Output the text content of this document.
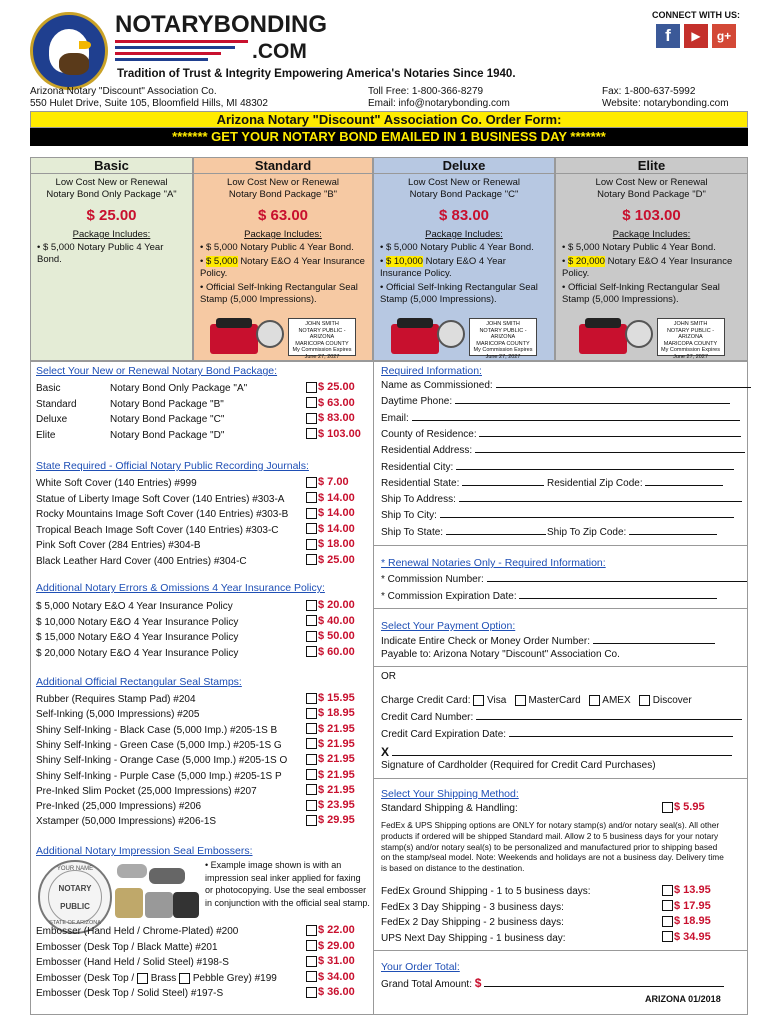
NOTARYBONDING
.COM
CONNECT WITH US:
f	▶	g+
Tradition of Trust & Integrity Empowering America's Notaries Since 1940.
Arizona Notary "Discount" Association Co.
550 Hulet Drive, Suite 105, Bloomfield Hills, MI 48302
Toll Free: 1-800-366-8279
Email: info@notarybonding.com
Fax: 1-800-637-5992
Website: notarybonding.com
Arizona Notary "Discount" Association Co. Order Form:
******* GET YOUR NOTARY BOND EMAILED IN 1 BUSINESS DAY *******
Basic
Low Cost New or Renewal
Notary Bond Only Package "A"
$ 25.00
Package Includes:
• $ 5,000 Notary Public 4 Year Bond.
Standard
Low Cost New or Renewal
Notary Bond Package "B"
$ 63.00
Package Includes:
• $ 5,000 Notary Public 4 Year Bond.
• $ 5,000 Notary E&O 4 Year Insurance Policy.
• Official Self-Inking Rectangular Seal Stamp (5,000 Impressions).
JOHN SMITH
NOTARY PUBLIC - ARIZONA
MARICOPA COUNTY
My Commission Expires
June 27, 2027
Deluxe
Low Cost New or Renewal
Notary Bond Package "C"
$ 83.00
Package Includes:
• $ 5,000 Notary Public 4 Year Bond.
• $ 10,000 Notary E&O 4 Year Insurance Policy.
• Official Self-Inking Rectangular Seal Stamp (5,000 Impressions).
JOHN SMITH
NOTARY PUBLIC - ARIZONA
MARICOPA COUNTY
My Commission Expires
June 27, 2027
Elite
Low Cost New or Renewal
Notary Bond Package "D"
$ 103.00
Package Includes:
• $ 5,000 Notary Public 4 Year Bond.
• $ 20,000 Notary E&O 4 Year Insurance Policy.
• Official Self-Inking Rectangular Seal Stamp (5,000 Impressions).
JOHN SMITH
NOTARY PUBLIC - ARIZONA
MARICOPA COUNTY
My Commission Expires
June 27, 2027
Select Your New or Renewal Notary Bond Package:
Basic	Notary Bond Only Package "A"	$ 25.00
Standard	Notary Bond Package "B"	$ 63.00
Deluxe	Notary Bond Package "C"	$ 83.00
Elite	Notary Bond Package "D"	$ 103.00
State Required - Official Notary Public Recording Journals:
Additional Notary Errors & Omissions 4 Year Insurance Policy:
Additional Official Rectangular Seal Stamps:
Additional Notary Impression Seal Embossers:
YOUR NAME
NOTARY
PUBLIC
STATE OF ARIZONA
• Example image shown is with an impression seal inker applied for faxing or photocopying. Use the seal embosser in conjunction with the official seal stamp.
White Soft Cover (140 Entries) #999	$ 7.00
Statue of Liberty Image Soft Cover (140 Entries) #303-A	$ 14.00
Rocky Mountains Image Soft Cover (140 Entries) #303-B	$ 14.00
Tropical Beach Image Soft Cover (140 Entries) #303-C	$ 14.00
Pink Soft Cover (284 Entries) #304-B	$ 18.00
Black Leather Hard Cover (400 Entries) #304-C	$ 25.00
$ 5,000 Notary E&O 4 Year Insurance Policy	$ 20.00
$ 10,000 Notary E&O 4 Year Insurance Policy	$ 40.00
$ 15,000 Notary E&O 4 Year Insurance Policy	$ 50.00
$ 20,000 Notary E&O 4 Year Insurance Policy	$ 60.00
Rubber (Requires Stamp Pad) #204	$ 15.95
Self-Inking (5,000 Impressions) #205	$ 18.95
Shiny Self-Inking - Black Case (5,000 Imp.) #205-1S B	$ 21.95
Shiny Self-Inking - Green Case (5,000 Imp.) #205-1S G	$ 21.95
Shiny Self-Inking - Orange Case (5,000 Imp.) #205-1S O	$ 21.95
Shiny Self-Inking - Purple Case (5,000 Imp.) #205-1S P	$ 21.95
Pre-Inked Slim Pocket (25,000 Impressions) #207	$ 21.95
Pre-Inked (25,000 Impressions) #206	$ 23.95
Xstamper (50,000 Impressions) #206-1S	$ 29.95
Embosser (Hand Held / Chrome-Plated) #200	$ 22.00
Embosser (Desk Top / Black Matte) #201	$ 29.00
Embosser (Hand Held / Solid Steel) #198-S	$ 31.00
Embosser (Desk Top /  Brass Pebble Grey) #199	$ 34.00
Embosser (Desk Top / Solid Steel) #197-S	$ 36.00
Required Information:
Name as Commissioned:
Daytime Phone:
Email:
County of Residence:
Residential Address:
Residential City:
Residential State:	Residential Zip Code:
Ship To Address:
Ship To City:
Ship To State:	Ship To Zip Code:
* Renewal Notaries Only - Required Information:
* Commission Number:
* Commission Expiration Date:
Select Your Payment Option:
Indicate Entire Check or Money Order Number:
Payable to: Arizona Notary "Discount" Association Co.
OR
Charge Credit Card: Visa MasterCard AMEX Discover
Credit Card Number:
Credit Card Expiration Date:
X
Signature of Cardholder (Required for Credit Card Purchases)
Select Your Shipping Method:
Standard Shipping & Handling:	$ 5.95
FedEx & UPS Shipping options are ONLY for notary stamp(s) and/or notary seal(s). All other products if ordered will be shipped Standard mail. Allow 2 to 5 business days for your notary stamp(s) and/or notary seal(s) to be personalized and manufactured prior to shipping based on the stamp/seal model. Note: Weekends and holidays are not a business day. Delivery time is based on distance to the destination.
FedEx Ground Shipping - 1 to 5 business days:	$ 13.95
FedEx 3 Day Shipping - 3 business days:	$ 17.95
FedEx 2 Day Shipping - 2 business days:	$ 18.95
UPS Next Day Shipping - 1 business day:	$ 34.95
Your Order Total:
Grand Total Amount: $
ARIZONA 01/2018
